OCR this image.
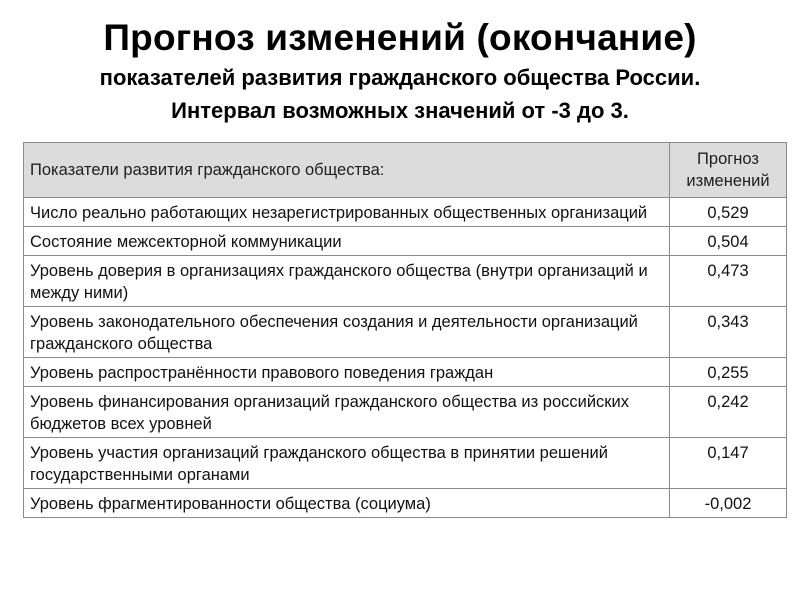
Прогноз изменений (окончание)
показателей развития гражданского общества России.
Интервал возможных значений от -3 до 3.
Показатели развития гражданского общества:	Прогноз
изменений

Число реально работающих незарегистрированных общественных организаций	0,529
Состояние межсекторной коммуникации	0,504
Уровень доверия в организациях гражданского общества (внутри организаций и между ними)	0,473
Уровень законодательного обеспечения создания и деятельности организаций гражданского общества	0,343
Уровень распространённости правового поведения граждан	0,255
Уровень финансирования организаций гражданского общества из российских бюджетов всех уровней	0,242
Уровень участия организаций гражданского общества в принятии решений государственными органами	0,147
Уровень фрагментированности общества (социума)	-0,002
